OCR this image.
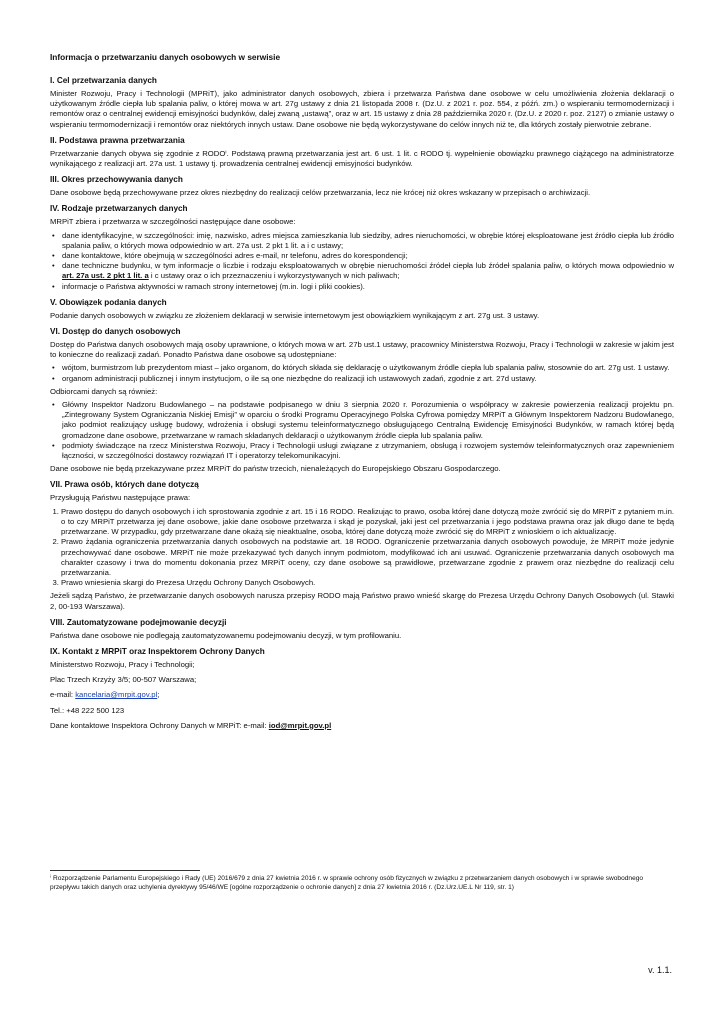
Informacja o przetwarzaniu danych osobowych w serwisie
I. Cel przetwarzania danych

Minister Rozwoju, Pracy i Technologii (MPRiT), jako administrator danych osobowych, zbiera i przetwarza Państwa dane osobowe w celu umożliwienia złożenia deklaracji o użytkowanym źródle ciepła lub spalania paliw, o której mowa w art. 27g ustawy z dnia 21 listopada 2008 r. (Dz.U. z 2021 r. poz. 554, z późń. zm.) o wspieraniu termomodernizacji i remontów oraz o centralnej ewidencji emisyjności budynków, dalej zwaną „ustawą”, oraz w art. 15 ustawy z dnia 28 października 2020 r. (Dz.U. z 2020 r. poz. 2127) o zmianie ustawy o wspieraniu termomodernizacji i remontów oraz niektórych innych ustaw. Dane osobowe nie będą wykorzystywane do celów innych niż te, dla których zostały pierwotnie zebrane.

II. Podstawa prawna przetwarzania

Przetwarzanie danych obywa się zgodnie z RODOⁱ. Podstawą prawną przetwarzania jest art. 6 ust. 1 lit. c RODO tj. wypełnienie obowiązku prawnego ciążącego na administratorze wynikającego z realizacji art. 27a ust. 1 ustawy tj. prowadzenia centralnej ewidencji emisyjności budynków.

III. Okres przechowywania danych

Dane osobowe będą przechowywane przez okres niezbędny do realizacji celów przetwarzania, lecz nie krócej niż okres wskazany w przepisach o archiwizacji.

IV. Rodzaje przetwarzanych danych

MRPiT zbiera i przetwarza w szczególności następujące dane osobowe:

• dane identyfikacyjne, w szczególności: imię, nazwisko, adres miejsca zamieszkania lub siedziby, adres nieruchomości, w obrębie której eksploatowane jest źródło ciepła lub źródło spalania paliw, o których mowa odpowiednio w art. 27a ust. 2 pkt 1 lit. a i c ustawy;
• dane kontaktowe, które obejmują w szczególności adres e-mail, nr telefonu, adres do korespondencji;
• dane techniczne budynku, w tym informacje o liczbie i rodzaju eksploatowanych w obrębie nieruchomości źródeł ciepła lub źródeł spalania paliw, o których mowa odpowiednio w art. 27a ust. 2 pkt 1 lit. a i c ustawy oraz o ich przeznaczeniu i wykorzystywanych w nich paliwach;
• informacje o Państwa aktywności w ramach strony internetowej (m.in. logi i pliki cookies).
V. Obowiązek podania danych

Podanie danych osobowych w związku ze złożeniem deklaracji w serwisie internetowym jest obowiązkiem wynikającym z art. 27g ust. 3 ustawy.

VI. Dostęp do danych osobowych

Dostęp do Państwa danych osobowych mają osoby uprawnione, o których mowa w art. 27b ust.1 ustawy, pracownicy Ministerstwa Rozwoju, Pracy i Technologii w zakresie w jakim jest to konieczne do realizacji zadań. Ponadto Państwa dane osobowe są udostępniane:

• wójtom, burmistrzom lub prezydentom miast – jako organom, do których składa się deklarację o użytkowanym źródle ciepła lub spalania paliw, stosownie do art. 27g ust. 1 ustawy.
• organom administracji publicznej i innym instytucjom, o ile są one niezbędne do realizacji ich ustawowych zadań, zgodnie z art. 27d ustawy.

Odbiorcami danych są również:

• Główny Inspektor Nadzoru Budowlanego – na podstawie podpisanego w dniu 3 sierpnia 2020 r. Porozumienia o współpracy w zakresie powierzenia realizacji projektu pn. „Zintegrowany System Ograniczania Niskiej Emisji” w oparciu o środki Programu Operacyjnego Polska Cyfrowa pomiędzy MRPiT a Głównym Inspektorem Nadzoru Budowlanego, jako podmiot realizujący usługę budowy, wdrożenia i obsługi systemu teleinformatycznego obsługującego Centralną Ewidencję Emisyjności Budynków, w ramach której będą gromadzone dane osobowe, przetwarzane w ramach składanych deklaracji o użytkowanym źródle ciepła lub spalania paliw.
• podmioty świadczące na rzecz Ministerstwa Rozwoju, Pracy i Technologii usługi związane z utrzymaniem, obsługą i rozwojem systemów teleinformatycznych oraz zapewnieniem łączności, w szczególności dostawcy rozwiązań IT i operatorzy telekomunikacyjni.

Dane osobowe nie będą przekazywane przez MRPiT do państw trzecich, nienależących do Europejskiego Obszaru Gospodarczego.

VII. Prawa osób, których dane dotyczą

Przysługują Państwu następujące prawa:

1. Prawo dostępu do danych osobowych i ich sprostowania zgodnie z art. 15 i 16 RODO. Realizując to prawo, osoba której dane dotyczą może zwrócić się do MRPiT z pytaniem m.in. o to czy MRPiT przetwarza jej dane osobowe, jakie dane osobowe przetwarza i skąd je pozyskał, jaki jest cel przetwarzania i jego podstawa prawna oraz jak długo dane te będą przetwarzane. W przypadku, gdy przetwarzane dane okażą się nieaktualne, osoba, której dane dotyczą może zwrócić się do MRPiT z wnioskiem o ich aktualizację.
2. Prawo żądania ograniczenia przetwarzania danych osobowych na podstawie art. 18 RODO. Ograniczenie przetwarzania danych osobowych powoduje, że MRPiT może jedynie przechowywać dane osobowe. MRPiT nie może przekazywać tych danych innym podmiotom, modyfikować ich ani usuwać. Ograniczenie przetwarzania danych osobowych ma charakter czasowy i trwa do momentu dokonania przez MRPiT oceny, czy dane osobowe są prawidłowe, przetwarzane zgodnie z prawem oraz niezbędne do realizacji celu przetwarzania.
3. Prawo wniesienia skargi do Prezesa Urzędu Ochrony Danych Osobowych.

Jeżeli sądzą Państwo, że przetwarzanie danych osobowych narusza przepisy RODO mają Państwo prawo wnieść skargę do Prezesa Urzędu Ochrony Danych Osobowych (ul. Stawki 2, 00-193 Warszawa).

VIII. Zautomatyzowane podejmowanie decyzji

Państwa dane osobowe nie podlegają zautomatyzowanemu podejmowaniu decyzji, w tym profilowaniu.

IX. Kontakt z MRPiT oraz Inspektorem Ochrony Danych

Ministerstwo Rozwoju, Pracy i Technologii;

Plac Trzech Krzyży 3/5; 00-507 Warszawa;

e-mail: kancelaria@mrpit.gov.pl;

Tel.: +48 222 500 123

Dane kontaktowe Inspektora Ochrony Danych w MRPiT: e-mail: iod@mrpit.gov.pl

ⁱ Rozporządzenie Parlamentu Europejskiego i Rady (UE) 2016/679 z dnia 27 kwietnia 2016 r. w sprawie ochrony osób fizycznych w związku z przetwarzaniem danych osobowych i w sprawie swobodnego przepływu takich danych oraz uchylenia dyrektywy 95/46/WE [ogólne rozporządzenie o ochronie danych] z dnia 27 kwietnia 2016 r. (Dz.Urz.UE.L Nr 119, str. 1)
v. 1.1.
